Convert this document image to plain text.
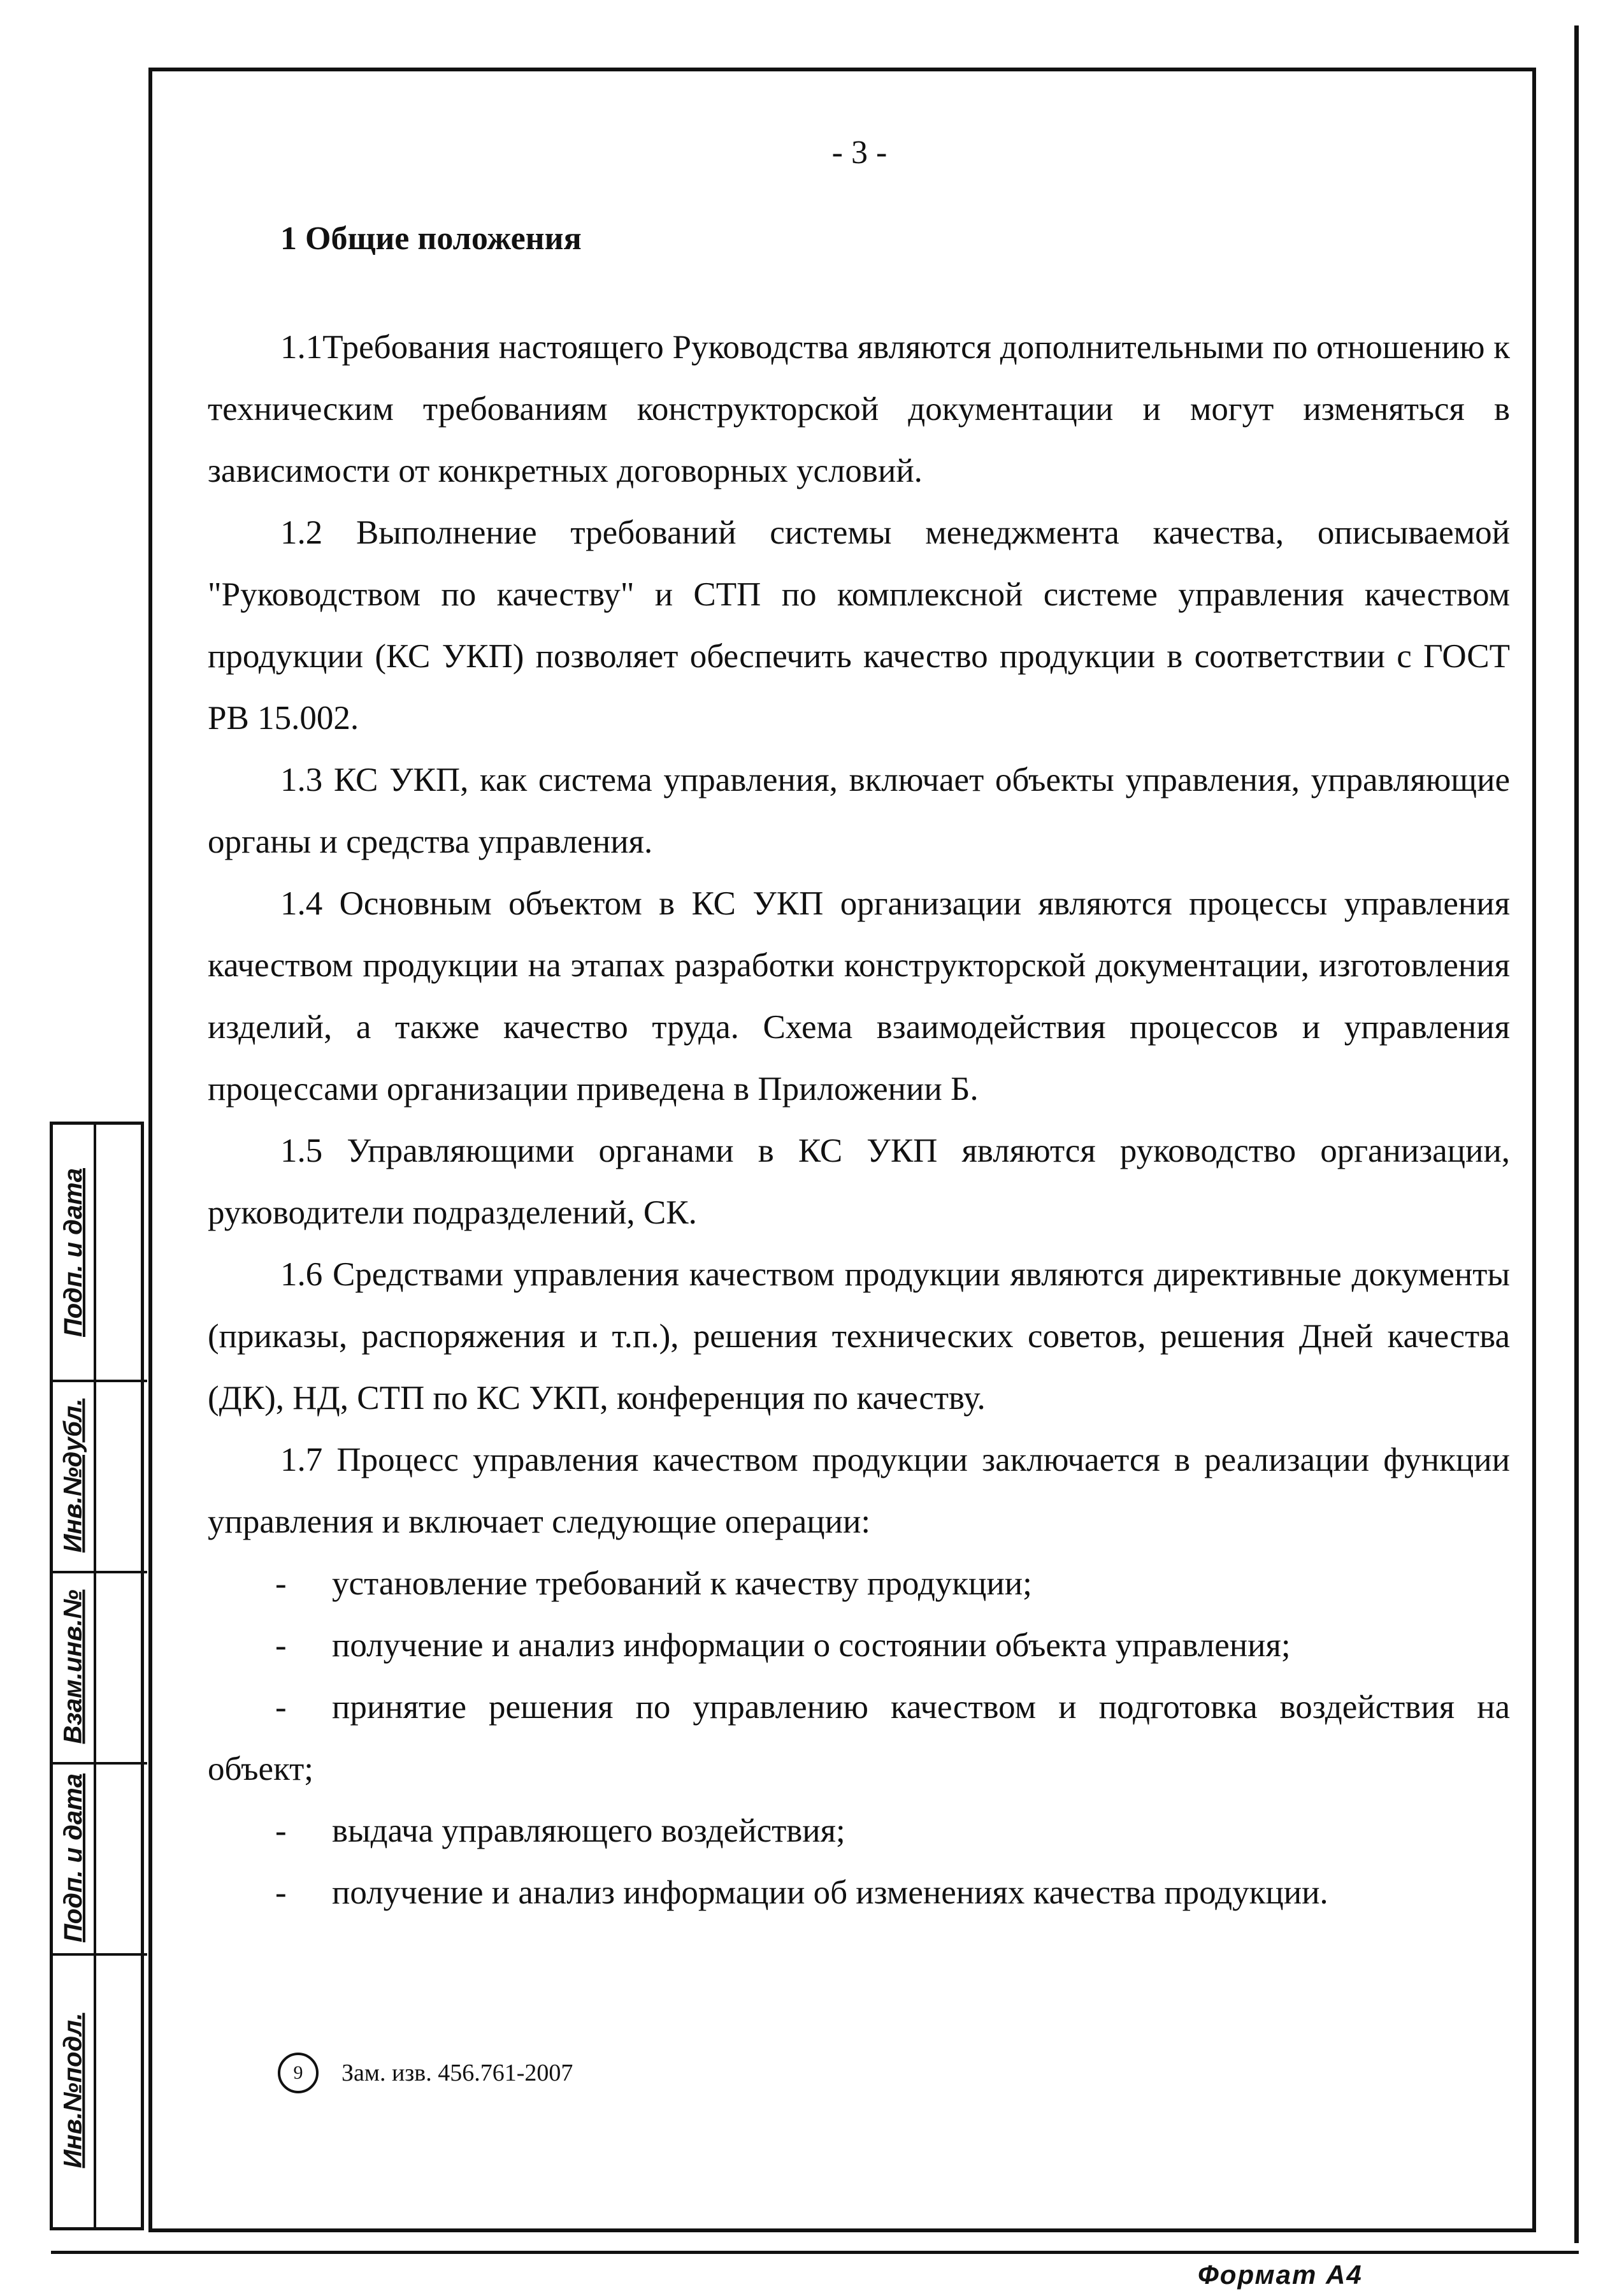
- 3 -
1 Общие положения

1.1Требования настоящего Руководства являются дополнительными по отношению к техническим требованиям конструкторской документации и могут изменяться в зависимости от конкретных договорных условий.

1.2 Выполнение требований системы менеджмента качества, описываемой "Руководством по качеству" и СТП по комплексной системе управления качеством продукции (КС УКП) позволяет обеспечить качество продукции в соответствии с ГОСТ РВ 15.002.

1.3 КС УКП, как система управления, включает объекты управления, управляющие органы и средства управления.

1.4 Основным объектом в КС УКП организации являются процессы управления качеством продукции на этапах разработки конструкторской документации, изготовления изделий, а также качество труда. Схема взаимодействия процессов и управления процессами организации приведена в Приложении Б.

1.5 Управляющими органами в КС УКП являются руководство организации, руководители подразделений, СК.

1.6 Средствами управления качеством продукции являются директивные документы (приказы, распоряжения и т.п.), решения технических советов, решения Дней качества (ДК), НД, СТП по КС УКП, конференция по качеству.

1.7 Процесс управления качеством продукции заключается в реализации функции управления и включает следующие операции:

- установление требований к качеству продукции;

- получение и анализ информации о состоянии объекта управления;

- принятие решения по управлению качеством и подготовка воздействия на объект;

- выдача управляющего воздействия;

- получение и анализ информации об изменениях качества продукции.

9	Зам. изв. 456.761-2007
Подп. и дата
Инв.№дубл.
Взам.инв.№
Подп. и дата
Инв.№подл.
Формат А4
